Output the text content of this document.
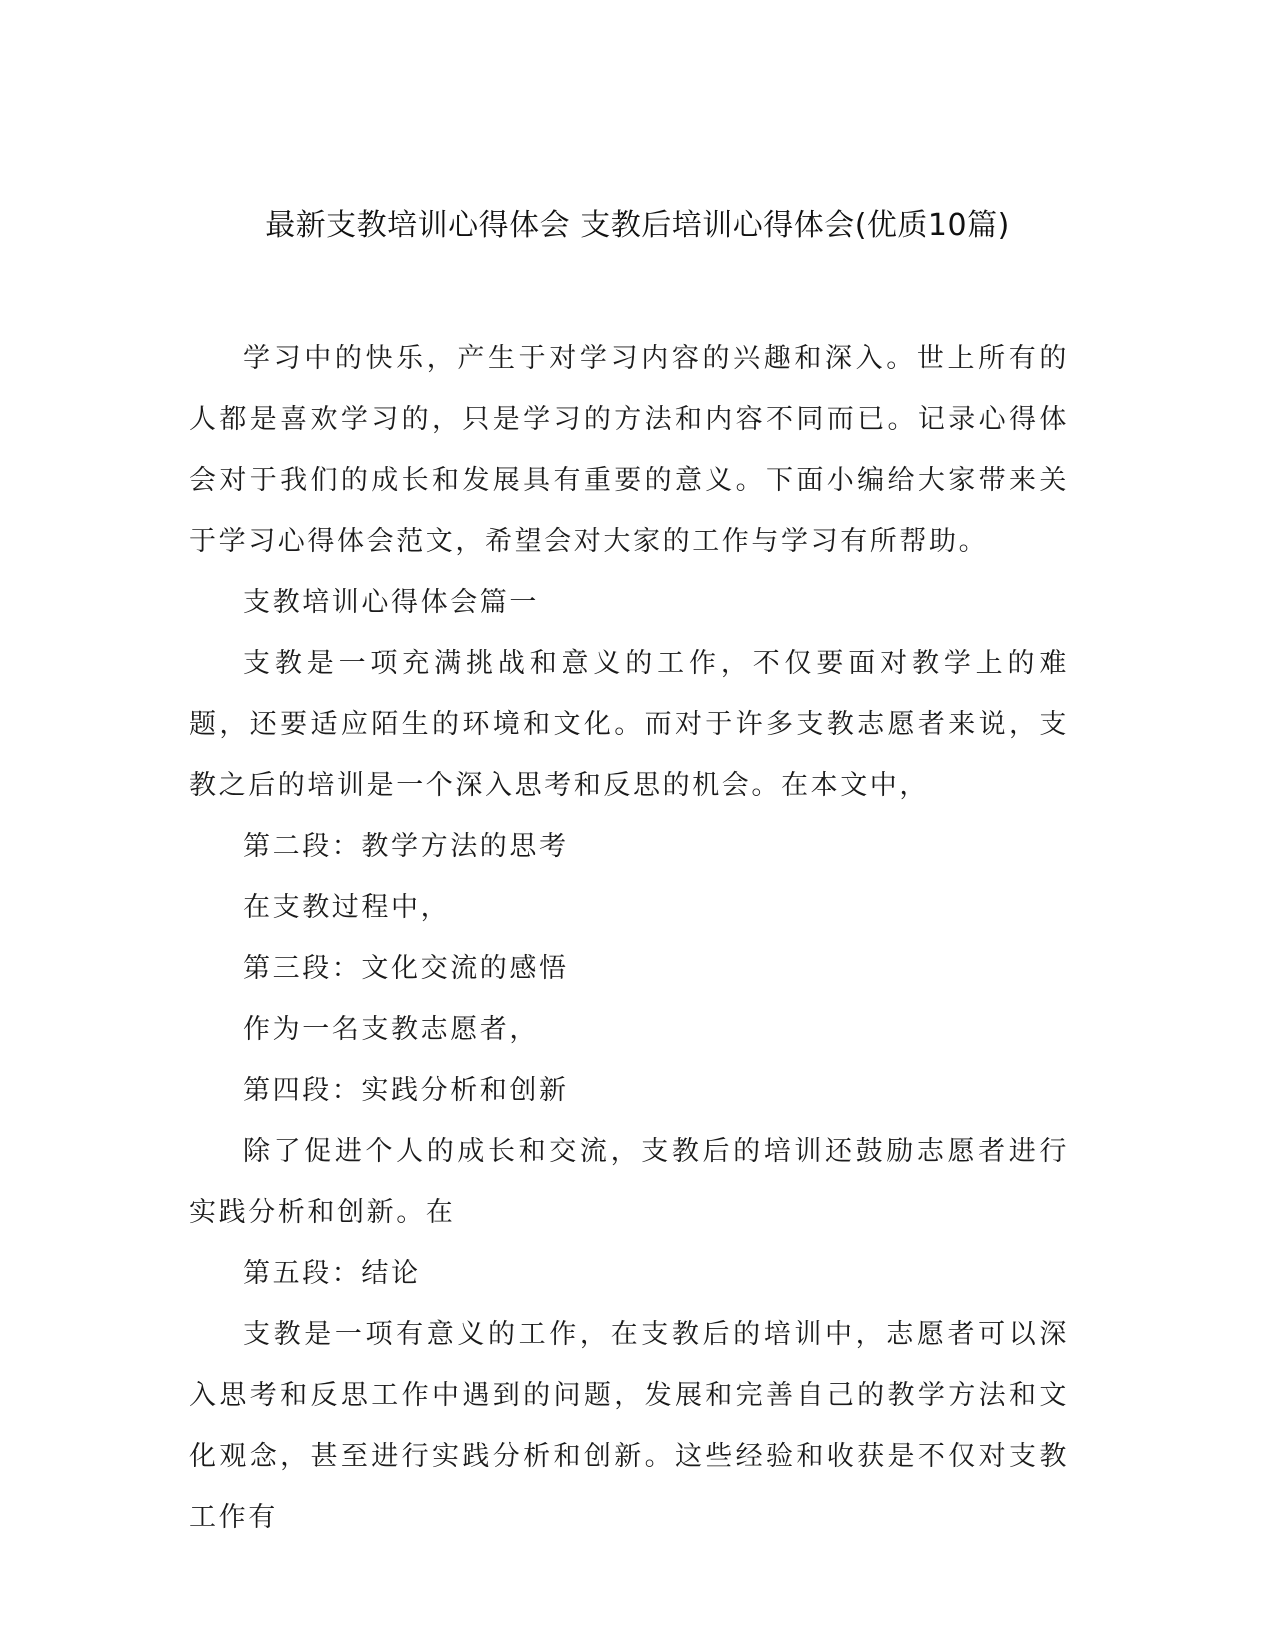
最新支教培训心得体会 支教后培训心得体会(优质10篇)

学习中的快乐，产生于对学习内容的兴趣和深入。世上所有的人都是喜欢学习的，只是学习的方法和内容不同而已。记录心得体会对于我们的成长和发展具有重要的意义。下面小编给大家带来关于学习心得体会范文，希望会对大家的工作与学习有所帮助。

支教培训心得体会篇一

支教是一项充满挑战和意义的工作，不仅要面对教学上的难题，还要适应陌生的环境和文化。而对于许多支教志愿者来说，支教之后的培训是一个深入思考和反思的机会。在本文中，

第二段：教学方法的思考

在支教过程中，

第三段：文化交流的感悟

作为一名支教志愿者，

第四段：实践分析和创新

除了促进个人的成长和交流，支教后的培训还鼓励志愿者进行实践分析和创新。在

第五段：结论

支教是一项有意义的工作，在支教后的培训中，志愿者可以深入思考和反思工作中遇到的问题，发展和完善自己的教学方法和文化观念，甚至进行实践分析和创新。这些经验和收获是不仅对支教工作有
